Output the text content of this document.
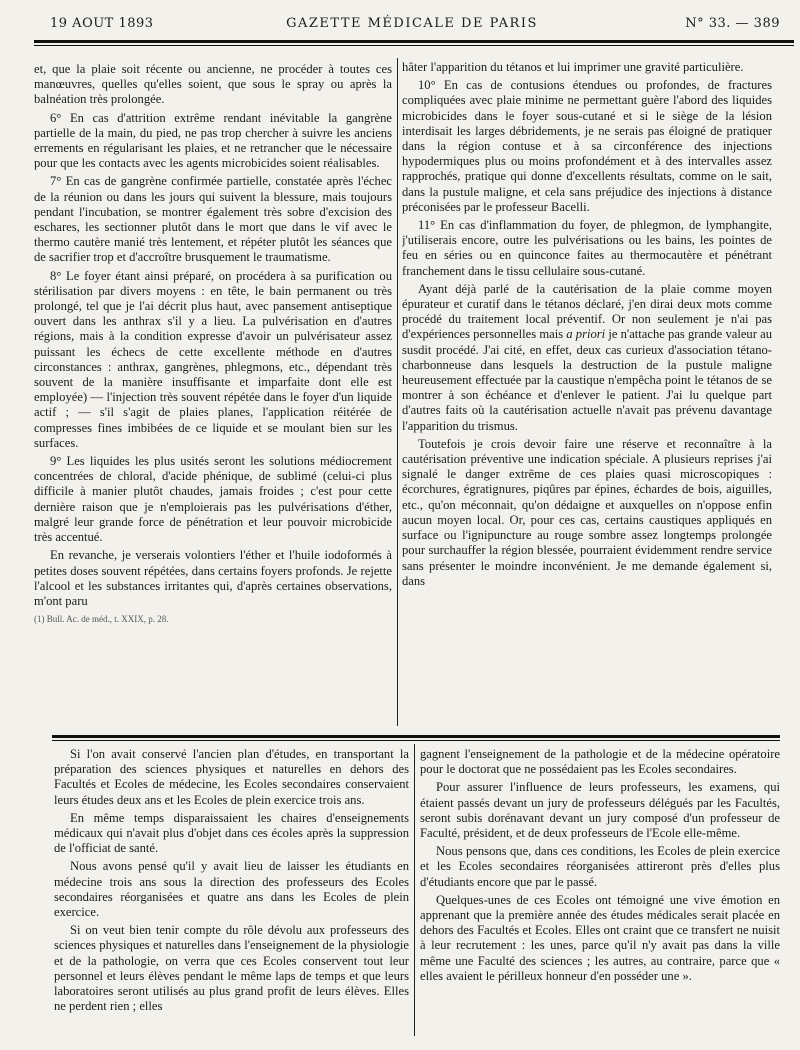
19 AOUT 1893	GAZETTE MÉDICALE DE PARIS	N° 33. — 389

et, que la plaie soit récente ou ancienne, ne procéder à toutes ces manœuvres, quelles qu'elles soient, que sous le spray ou après la balnéation très prolongée.

6° En cas d'attrition extrême rendant inévitable la gangrène partielle de la main, du pied, ne pas trop chercher à suivre les anciens errements en régularisant les plaies, et ne retrancher que le nécessaire pour que les contacts avec les agents microbicides soient réalisables.

7° En cas de gangrène confirmée partielle, constatée après l'échec de la réunion ou dans les jours qui suivent la blessure, mais toujours pendant l'incubation, se montrer également très sobre d'excision des eschares, les sectionner plutôt dans le mort que dans le vif avec le thermo cautère manié très lentement, et répéter plutôt les séances que de sacrifier trop et d'accroître brusquement le traumatisme.

8° Le foyer étant ainsi préparé, on procédera à sa purification ou stérilisation par divers moyens : en tête, le bain permanent ou très prolongé, tel que je l'ai décrit plus haut, avec pansement antiseptique ouvert dans les anthrax s'il y a lieu. La pulvérisation en d'autres régions, mais à la condition expresse d'avoir un pulvérisateur assez puissant les échecs de cette excellente méthode en d'autres circonstances : anthrax, gangrènes, phlegmons, etc., dépendant très souvent de la manière insuffisante et imparfaite dont elle est employée) — l'injection très souvent répétée dans le foyer d'un liquide actif ; — s'il s'agit de plaies planes, l'application réitérée de compresses fines imbibées de ce liquide et se moulant bien sur les surfaces.

9° Les liquides les plus usités seront les solutions médiocrement concentrées de chloral, d'acide phénique, de sublimé (celui-ci plus difficile à manier plutôt chaudes, jamais froides ; c'est pour cette dernière raison que je n'emploierais pas les pulvérisations d'éther, malgré leur grande force de pénétration et leur pouvoir microbicide très accentué.

En revanche, je verserais volontiers l'éther et l'huile iodoformés à petites doses souvent répétées, dans certains foyers profonds. Je rejette l'alcool et les substances irritantes qui, d'après certaines observations, m'ont paru

(1) Bull. Ac. de méd., t. XXIX, p. 28.

hâter l'apparition du tétanos et lui imprimer une gravité particulière.

10° En cas de contusions étendues ou profondes, de fractures compliquées avec plaie minime ne permettant guère l'abord des liquides microbicides dans le foyer sous-cutané et si le siège de la lésion interdisait les larges débridements, je ne serais pas éloigné de pratiquer dans la région contuse et à sa circonférence des injections hypodermiques plus ou moins profondément et à des intervalles assez rapprochés, pratique qui donne d'excellents résultats, comme on le sait, dans la pustule maligne, et cela sans préjudice des injections à distance préconisées par le professeur Bacelli.

11° En cas d'inflammation du foyer, de phlegmon, de lymphangite, j'utiliserais encore, outre les pulvérisations ou les bains, les pointes de feu en séries ou en quinconce faites au thermocautère et pénétrant franchement dans le tissu cellulaire sous-cutané.

Ayant déjà parlé de la cautérisation de la plaie comme moyen épurateur et curatif dans le tétanos déclaré, j'en dirai deux mots comme procédé du traitement local préventif. Or non seulement je n'ai pas d'expériences personnelles mais a priori je n'attache pas grande valeur au susdit procédé. J'ai cité, en effet, deux cas curieux d'association tétano-charbonneuse dans lesquels la destruction de la pustule maligne heureusement effectuée par la caustique n'empêcha point le tétanos de se montrer à son échéance et d'enlever le patient. J'ai lu quelque part d'autres faits où la cautérisation actuelle n'avait pas prévenu davantage l'apparition du trismus.

Toutefois je crois devoir faire une réserve et reconnaître à la cautérisation préventive une indication spéciale. A plusieurs reprises j'ai signalé le danger extrême de ces plaies quasi microscopiques : écorchures, égratignures, piqûres par épines, échardes de bois, aiguilles, etc., qu'on méconnait, qu'on dédaigne et auxquelles on n'oppose enfin aucun moyen local. Or, pour ces cas, certains caustiques appliqués en surface ou l'ignipuncture au rouge sombre assez longtemps prolongée pour surchauffer la région blessée, pourraient évidemment rendre service sans présenter le moindre inconvénient. Je me demande également si, dans

Si l'on avait conservé l'ancien plan d'études, en transportant la préparation des sciences physiques et naturelles en dehors des Facultés et Ecoles de médecine, les Ecoles secondaires conservaient leurs études deux ans et les Ecoles de plein exercice trois ans.

En même temps disparaissaient les chaires d'enseignements médicaux qui n'avait plus d'objet dans ces écoles après la suppression de l'officiat de santé.

Nous avons pensé qu'il y avait lieu de laisser les étudiants en médecine trois ans sous la direction des professeurs des Ecoles secondaires réorganisées et quatre ans dans les Ecoles de plein exercice.

Si on veut bien tenir compte du rôle dévolu aux professeurs des sciences physiques et naturelles dans l'enseignement de la physiologie et de la pathologie, on verra que ces Ecoles conservent tout leur personnel et leurs élèves pendant le même laps de temps et que leurs laboratoires seront utilisés au plus grand profit de leurs élèves. Elles ne perdent rien ; elles

gagnent l'enseignement de la pathologie et de la médecine opératoire pour le doctorat que ne possédaient pas les Ecoles secondaires.

Pour assurer l'influence de leurs professeurs, les examens, qui étaient passés devant un jury de professeurs délégués par les Facultés, seront subis dorénavant devant un jury composé d'un professeur de Faculté, président, et de deux professeurs de l'Ecole elle-même.

Nous pensons que, dans ces conditions, les Ecoles de plein exercice et les Ecoles secondaires réorganisées attireront près d'elles plus d'étudiants encore que par le passé.

Quelques-unes de ces Ecoles ont témoigné une vive émotion en apprenant que la première année des études médicales serait placée en dehors des Facultés et Ecoles. Elles ont craint que ce transfert ne nuisit à leur recrutement : les unes, parce qu'il n'y avait pas dans la ville même une Faculté des sciences ; les autres, au contraire, parce que « elles avaient le périlleux honneur d'en posséder une ».
